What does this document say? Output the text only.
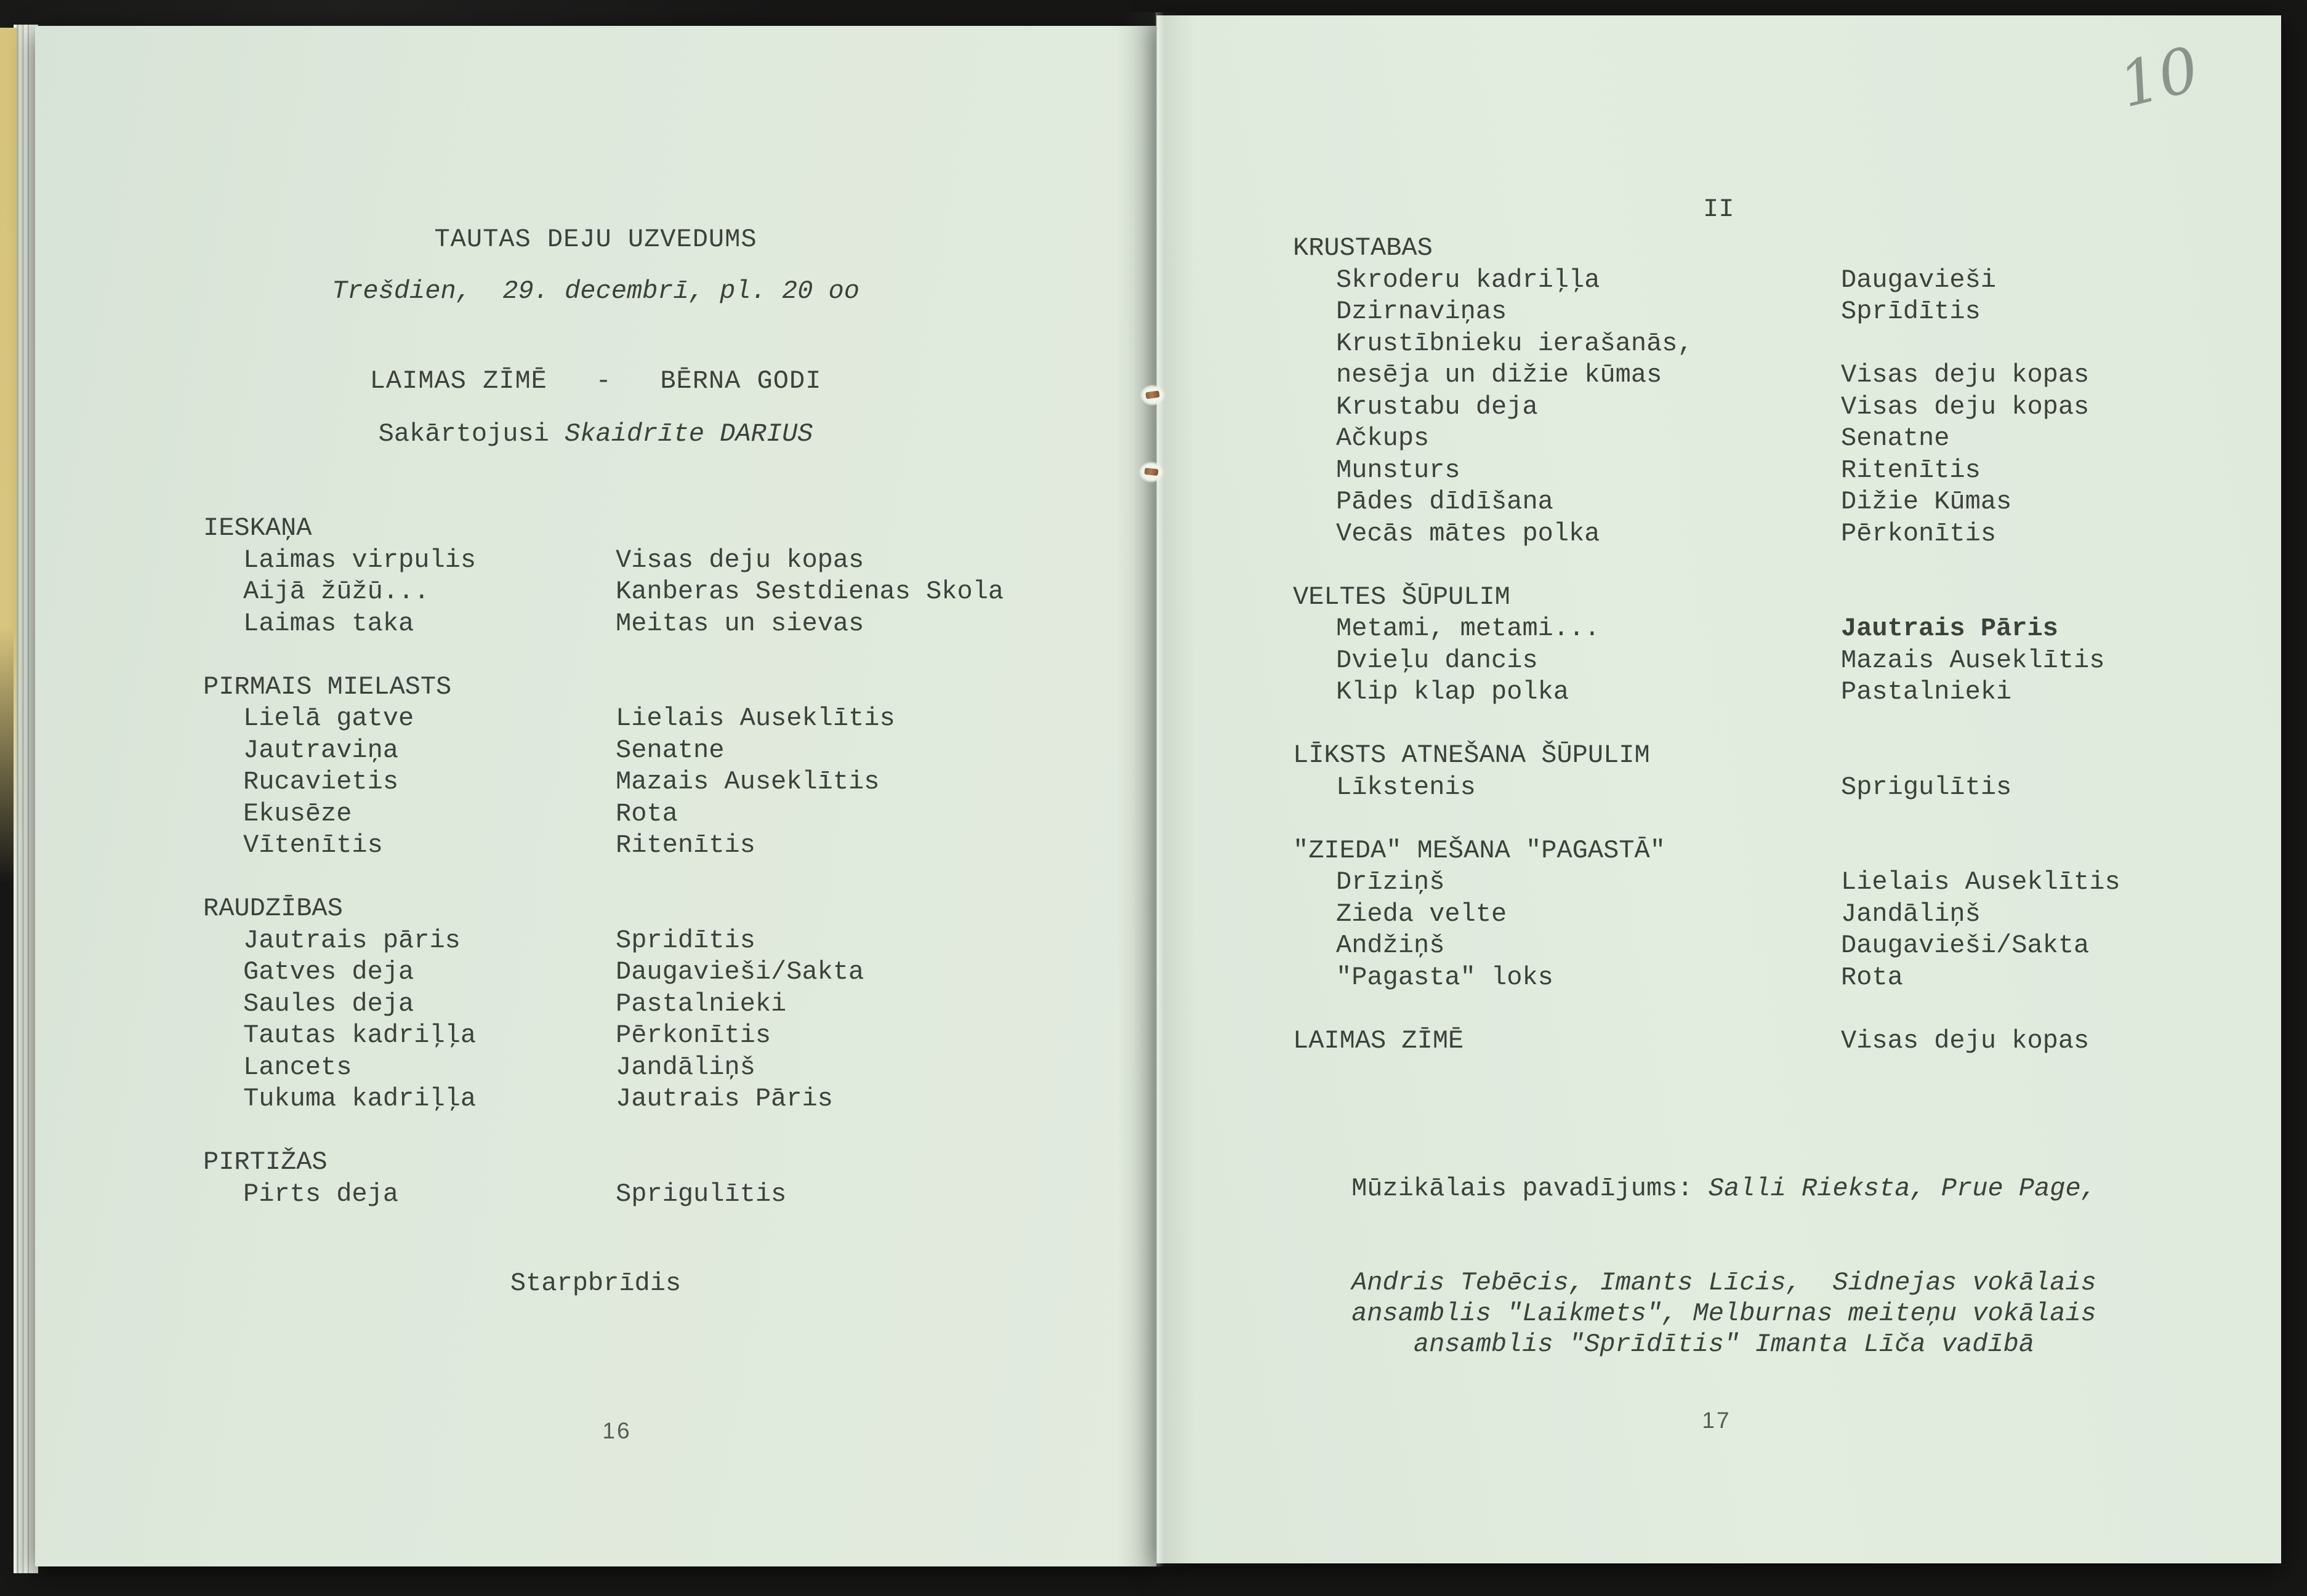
TAUTAS DEJU UZVEDUMS
Trešdien,  29. decembrī, pl. 20 oo
LAIMAS ZĪMĒ   -   BĒRNA GODI
Sakārtojusi Skaidrīte DARIUS
IESKAŅA
Laimas virpulis	Visas deju kopas
Aijā žūžū...	Kanberas Sestdienas Skola
Laimas taka	Meitas un sievas
PIRMAIS MIELASTS
Lielā gatve	Lielais Auseklītis
Jautraviņa	Senatne
Rucavietis	Mazais Auseklītis
Ekusēze	Rota
Vītenītis	Ritenītis
RAUDZĪBAS
Jautrais pāris	Spridītis
Gatves deja	Daugavieši/Sakta
Saules deja	Pastalnieki
Tautas kadriļļa	Pērkonītis
Lancets	Jandāliņš
Tukuma kadriļļa	Jautrais Pāris
PIRTIŽAS
Pirts deja	Sprigulītis
Starpbrīdis
16
10
II
KRUSTABAS
Skroderu kadriļļa	Daugavieši
Dzirnaviņas	Sprīdītis
Krustībnieku ierašanās,
nesēja un dižie kūmas	Visas deju kopas
Krustabu deja	Visas deju kopas
Ačkups	Senatne
Munsturs	Ritenītis
Pādes dīdīšana	Dižie Kūmas
Vecās mātes polka	Pērkonītis
VELTES ŠŪPULIM
Metami, metami...	Jautrais Pāris
Dvieļu dancis	Mazais Auseklītis
Klip klap polka	Pastalnieki
LĪKSTS ATNEŠANA ŠŪPULIM
Līkstenis	Sprigulītis
"ZIEDA" MEŠANA "PAGASTĀ"
Drīziņš	Lielais Auseklītis
Zieda velte	Jandāliņš
Andžiņš	Daugavieši/Sakta
"Pagasta" loks	Rota
LAIMAS ZĪMĒ	Visas deju kopas

Mūzikālais pavadījums: Salli Rieksta, Prue Page,

Andris Tebēcis, Imants Līcis,  Sidnejas vokālais
ansamblis "Laikmets", Melburnas meiteņu vokālais
ansamblis "Sprīdītis" Imanta Līča vadībā

17
